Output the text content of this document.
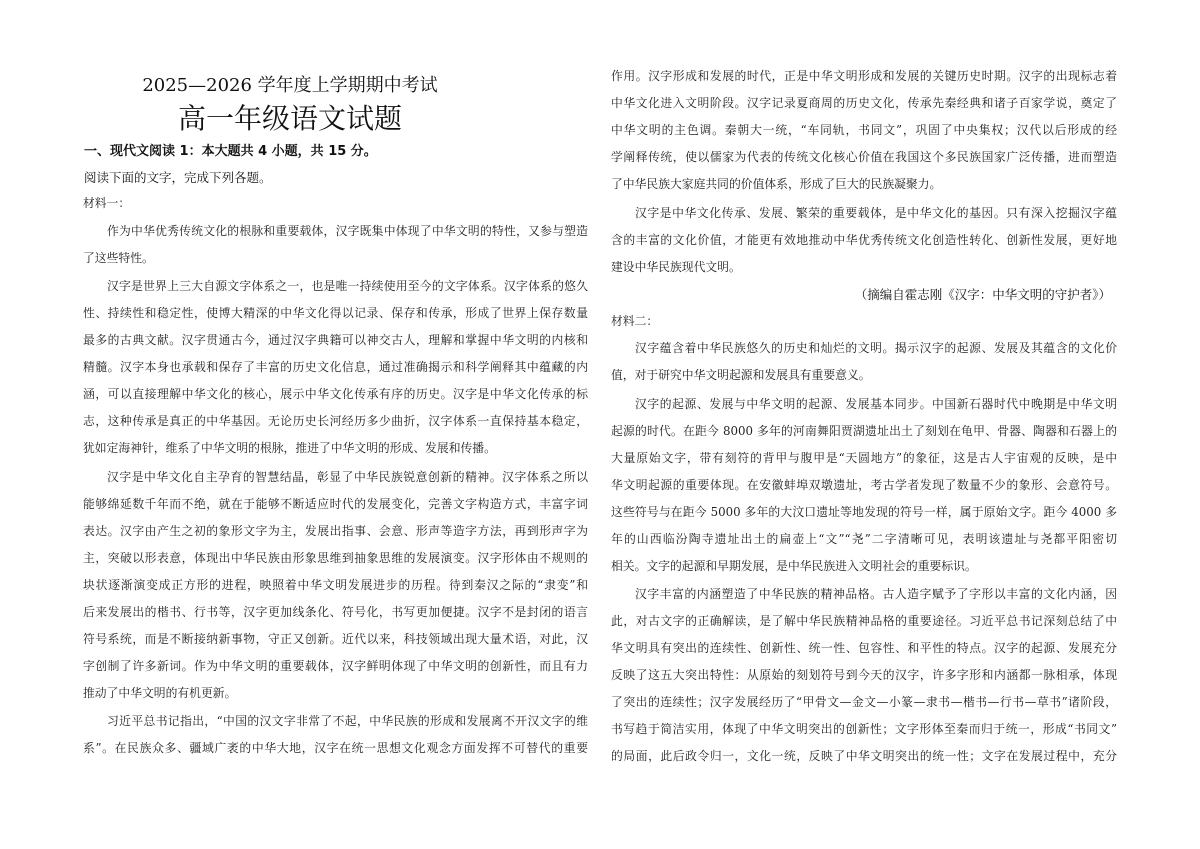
2025—2026 学年度上学期期中考试
高一年级语文试题
一、现代文阅读 1：本大题共 4 小题，共 15 分。
阅读下面的文字，完成下列各题。
材料一：
作为中华优秀传统文化的根脉和重要载体，汉字既集中体现了中华文明的特性，又参与塑造
了这些特性。
汉字是世界上三大自源文字体系之一，也是唯一持续使用至今的文字体系。汉字体系的悠久
性、持续性和稳定性，使博大精深的中华文化得以记录、保存和传承，形成了世界上保存数量
最多的古典文献。汉字贯通古今，通过汉字典籍可以神交古人，理解和掌握中华文明的内核和
精髓。汉字本身也承载和保存了丰富的历史文化信息，通过准确揭示和科学阐释其中蕴藏的内
涵，可以直接理解中华文化的核心，展示中华文化传承有序的历史。汉字是中华文化传承的标
志，这种传承是真正的中华基因。无论历史长河经历多少曲折，汉字体系一直保持基本稳定，
犹如定海神针，维系了中华文明的根脉，推进了中华文明的形成、发展和传播。
汉字是中华文化自主孕育的智慧结晶，彰显了中华民族锐意创新的精神。汉字体系之所以
能够绵延数千年而不绝，就在于能够不断适应时代的发展变化，完善文字构造方式，丰富字词
表达。汉字由产生之初的象形文字为主，发展出指事、会意、形声等造字方法，再到形声字为
主，突破以形表意，体现出中华民族由形象思维到抽象思维的发展演变。汉字形体由不规则的
块状逐渐演变成正方形的进程，映照着中华文明发展进步的历程。待到秦汉之际的“隶变”和
后来发展出的楷书、行书等，汉字更加线条化、符号化，书写更加便捷。汉字不是封闭的语言
符号系统，而是不断接纳新事物，守正又创新。近代以来，科技领域出现大量术语，对此，汉
字创制了许多新词。作为中华文明的重要载体，汉字鲜明体现了中华文明的创新性，而且有力
推动了中华文明的有机更新。
习近平总书记指出，“中国的汉文字非常了不起，中华民族的形成和发展离不开汉文字的维
系”。在民族众多、疆域广袤的中华大地，汉字在统一思想文化观念方面发挥不可替代的重要
作用。汉字形成和发展的时代，正是中华文明形成和发展的关键历史时期。汉字的出现标志着
中华文化进入文明阶段。汉字记录夏商周的历史文化，传承先秦经典和诸子百家学说，奠定了
中华文明的主色调。秦朝大一统，“车同轨，书同文”，巩固了中央集权；汉代以后形成的经
学阐释传统，使以儒家为代表的传统文化核心价值在我国这个多民族国家广泛传播，进而塑造
了中华民族大家庭共同的价值体系，形成了巨大的民族凝聚力。
汉字是中华文化传承、发展、繁荣的重要载体，是中华文化的基因。只有深入挖掘汉字蕴
含的丰富的文化价值，才能更有效地推动中华优秀传统文化创造性转化、创新性发展，更好地
建设中华民族现代文明。
（摘编自霍志刚《汉字：中华文明的守护者》）
材料二：
汉字蕴含着中华民族悠久的历史和灿烂的文明。揭示汉字的起源、发展及其蕴含的文化价
值，对于研究中华文明起源和发展具有重要意义。
汉字的起源、发展与中华文明的起源、发展基本同步。中国新石器时代中晚期是中华文明
起源的时代。在距今 8000 多年的河南舞阳贾湖遗址出土了刻划在龟甲、骨器、陶器和石器上的
大量原始文字，带有刻符的背甲与腹甲是“天圆地方”的象征，这是古人宇宙观的反映，是中
华文明起源的重要体现。在安徽蚌埠双墩遗址，考古学者发现了数量不少的象形、会意符号。
这些符号与在距今 5000 多年的大汶口遗址等地发现的符号一样，属于原始文字。距今 4000 多
年的山西临汾陶寺遗址出土的扁壶上“文”“尧”二字清晰可见，表明该遗址与尧都平阳密切
相关。文字的起源和早期发展，是中华民族进入文明社会的重要标识。
汉字丰富的内涵塑造了中华民族的精神品格。古人造字赋予了字形以丰富的文化内涵，因
此，对古文字的正确解读，是了解中华民族精神品格的重要途径。习近平总书记深刻总结了中
华文明具有突出的连续性、创新性、统一性、包容性、和平性的特点。汉字的起源、发展充分
反映了这五大突出特性：从原始的刻划符号到今天的汉字，许多字形和内涵都一脉相承，体现
了突出的连续性；汉字发展经历了“甲骨文—金文—小篆—隶书—楷书—行书—草书”诸阶段，
书写趋于简洁实用，体现了中华文明突出的创新性；文字形体至秦而归于统一，形成“书同文”
的局面，此后政令归一，文化一统，反映了中华文明突出的统一性；文字在发展过程中，充分
